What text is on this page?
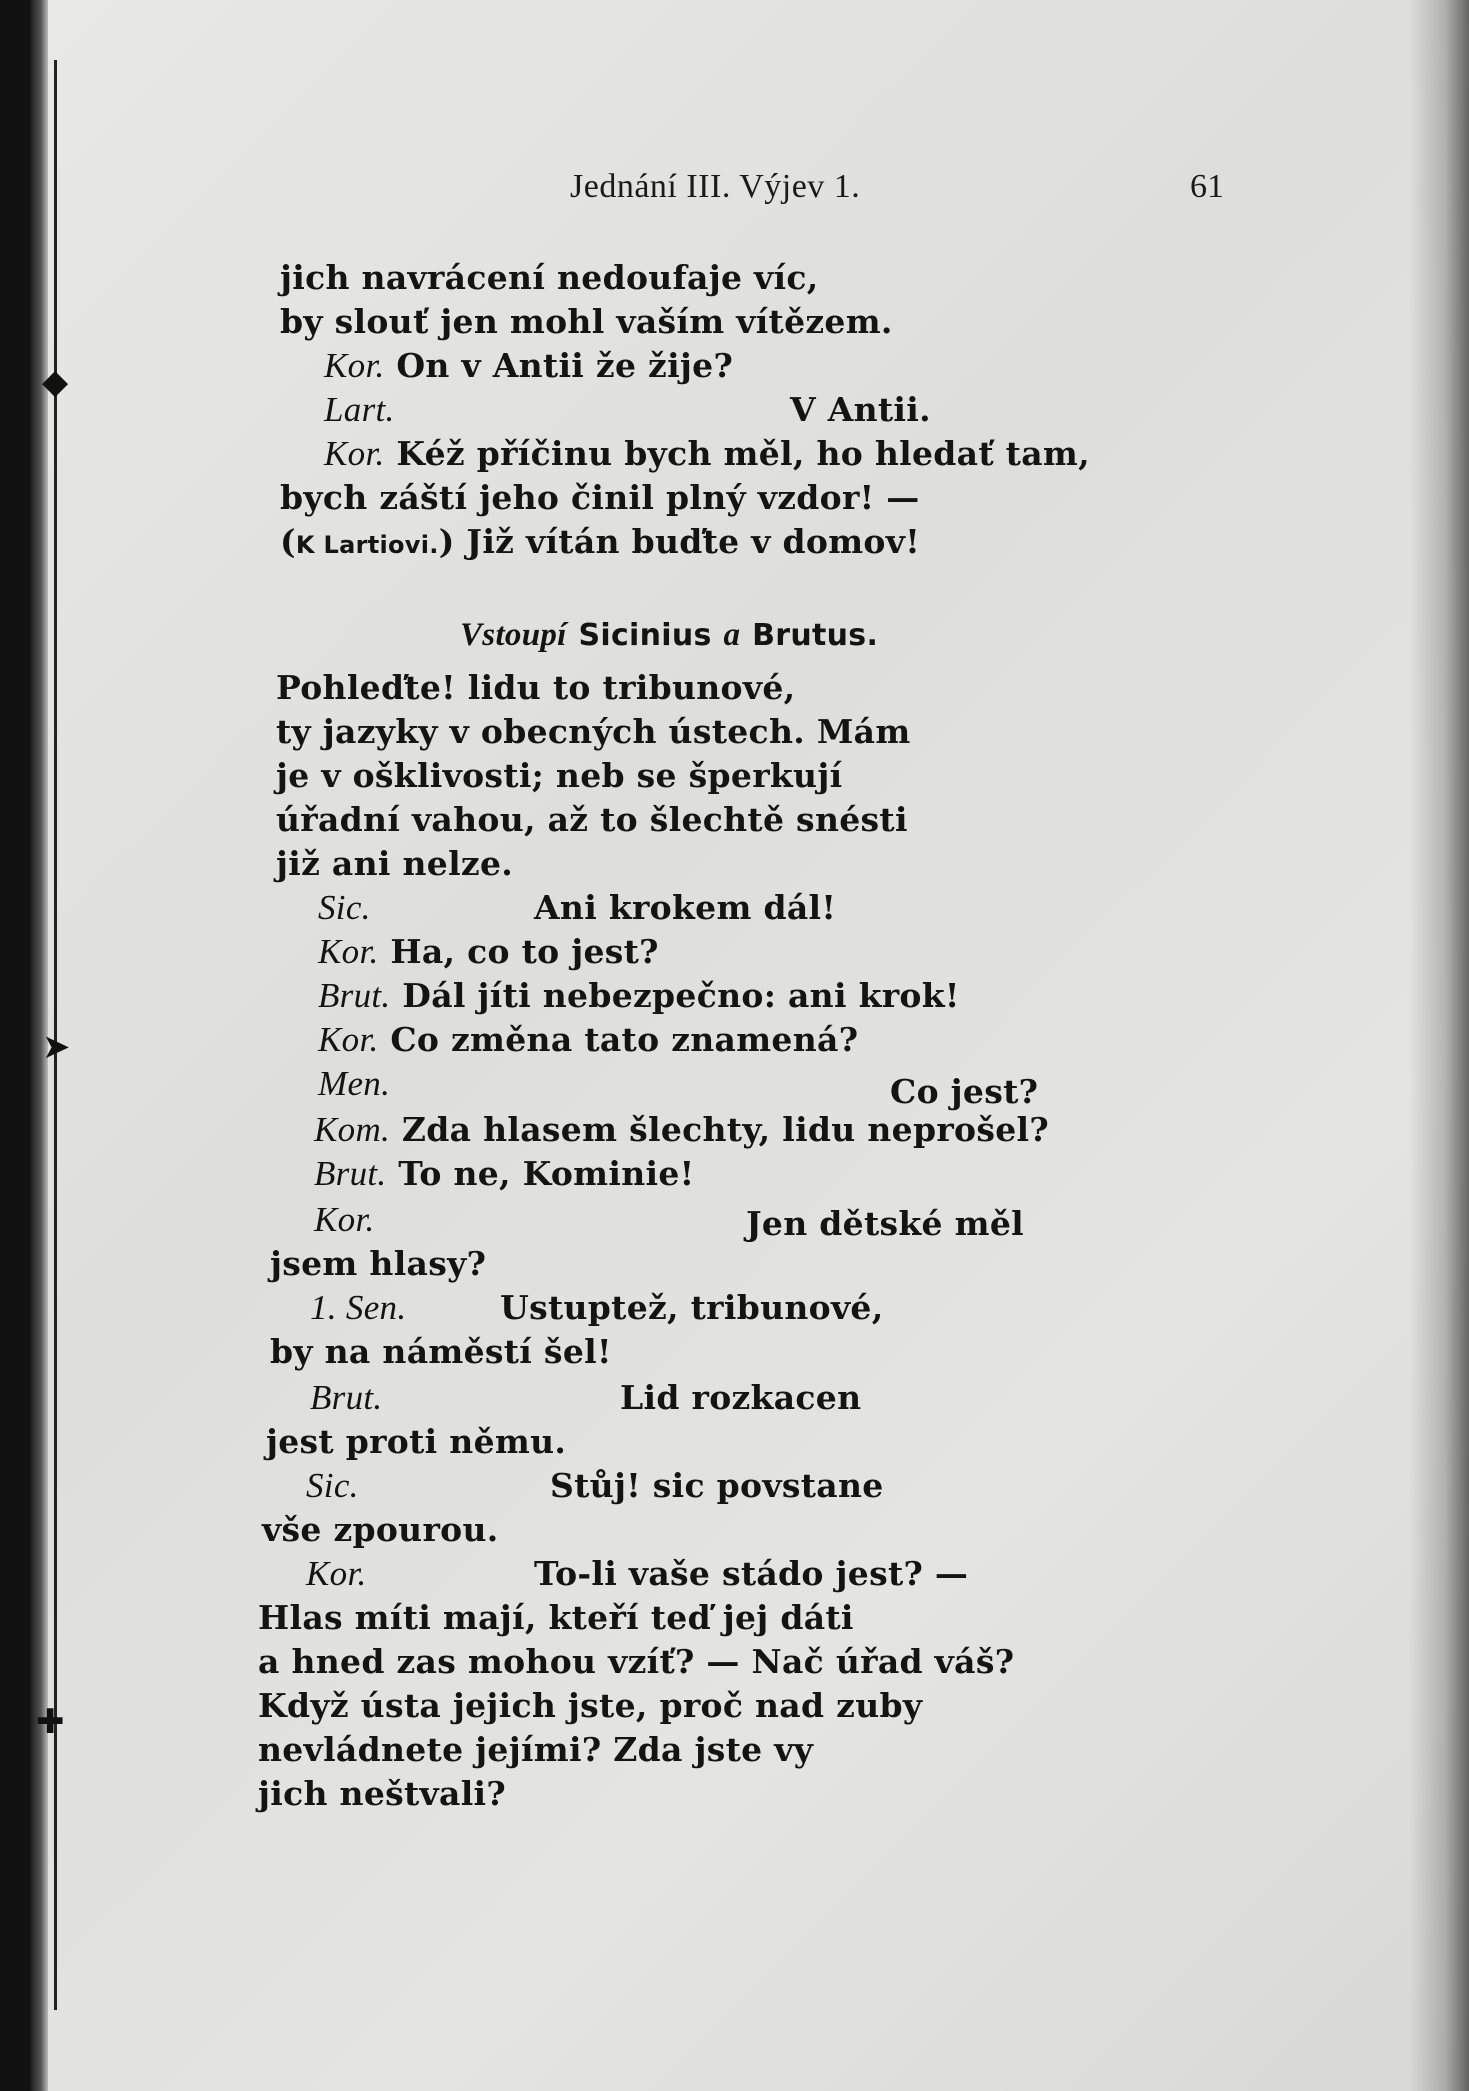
◆
➤
✚
Jednání III. Výjev 1.	61
jich navrácení nedoufaje víc,
by slouť jen mohl vaším vítězem.
Kor. On v Antii že žije?
Lart.	V Antii.
Kor. Kéž příčinu bych měl, ho hledať tam,
bych záští jeho činil plný vzdor! —
(K Lartiovi.) Již vítán buďte v domov!
Vstoupí Sicinius a Brutus.
Pohleďte! lidu to tribunové,
ty jazyky v obecných ústech. Mám
je v ošklivosti; neb se šperkují
úřadní vahou, až to šlechtě snésti
již ani nelze.
Sic.	Ani krokem dál!
Kor. Ha, co to jest?
Brut. Dál jíti nebezpečno: ani krok!
Kor. Co změna tato znamená?
Men.	Co jest?
Kom. Zda hlasem šlechty, lidu neprošel?
Brut. To ne, Kominie!
Kor.	Jen dětské měl
jsem hlasy?
1. Sen.	Ustuptež, tribunové,
by na náměstí šel!
Brut.	Lid rozkacen
jest proti němu.
Sic.	Stůj! sic povstane
vše zpourou.
Kor.	To-li vaše stádo jest? —
Hlas míti mají, kteří teď jej dáti
a hned zas mohou vzíť? — Nač úřad váš?
Když ústa jejich jste, proč nad zuby
nevládnete jejími? Zda jste vy
jich neštvali?
